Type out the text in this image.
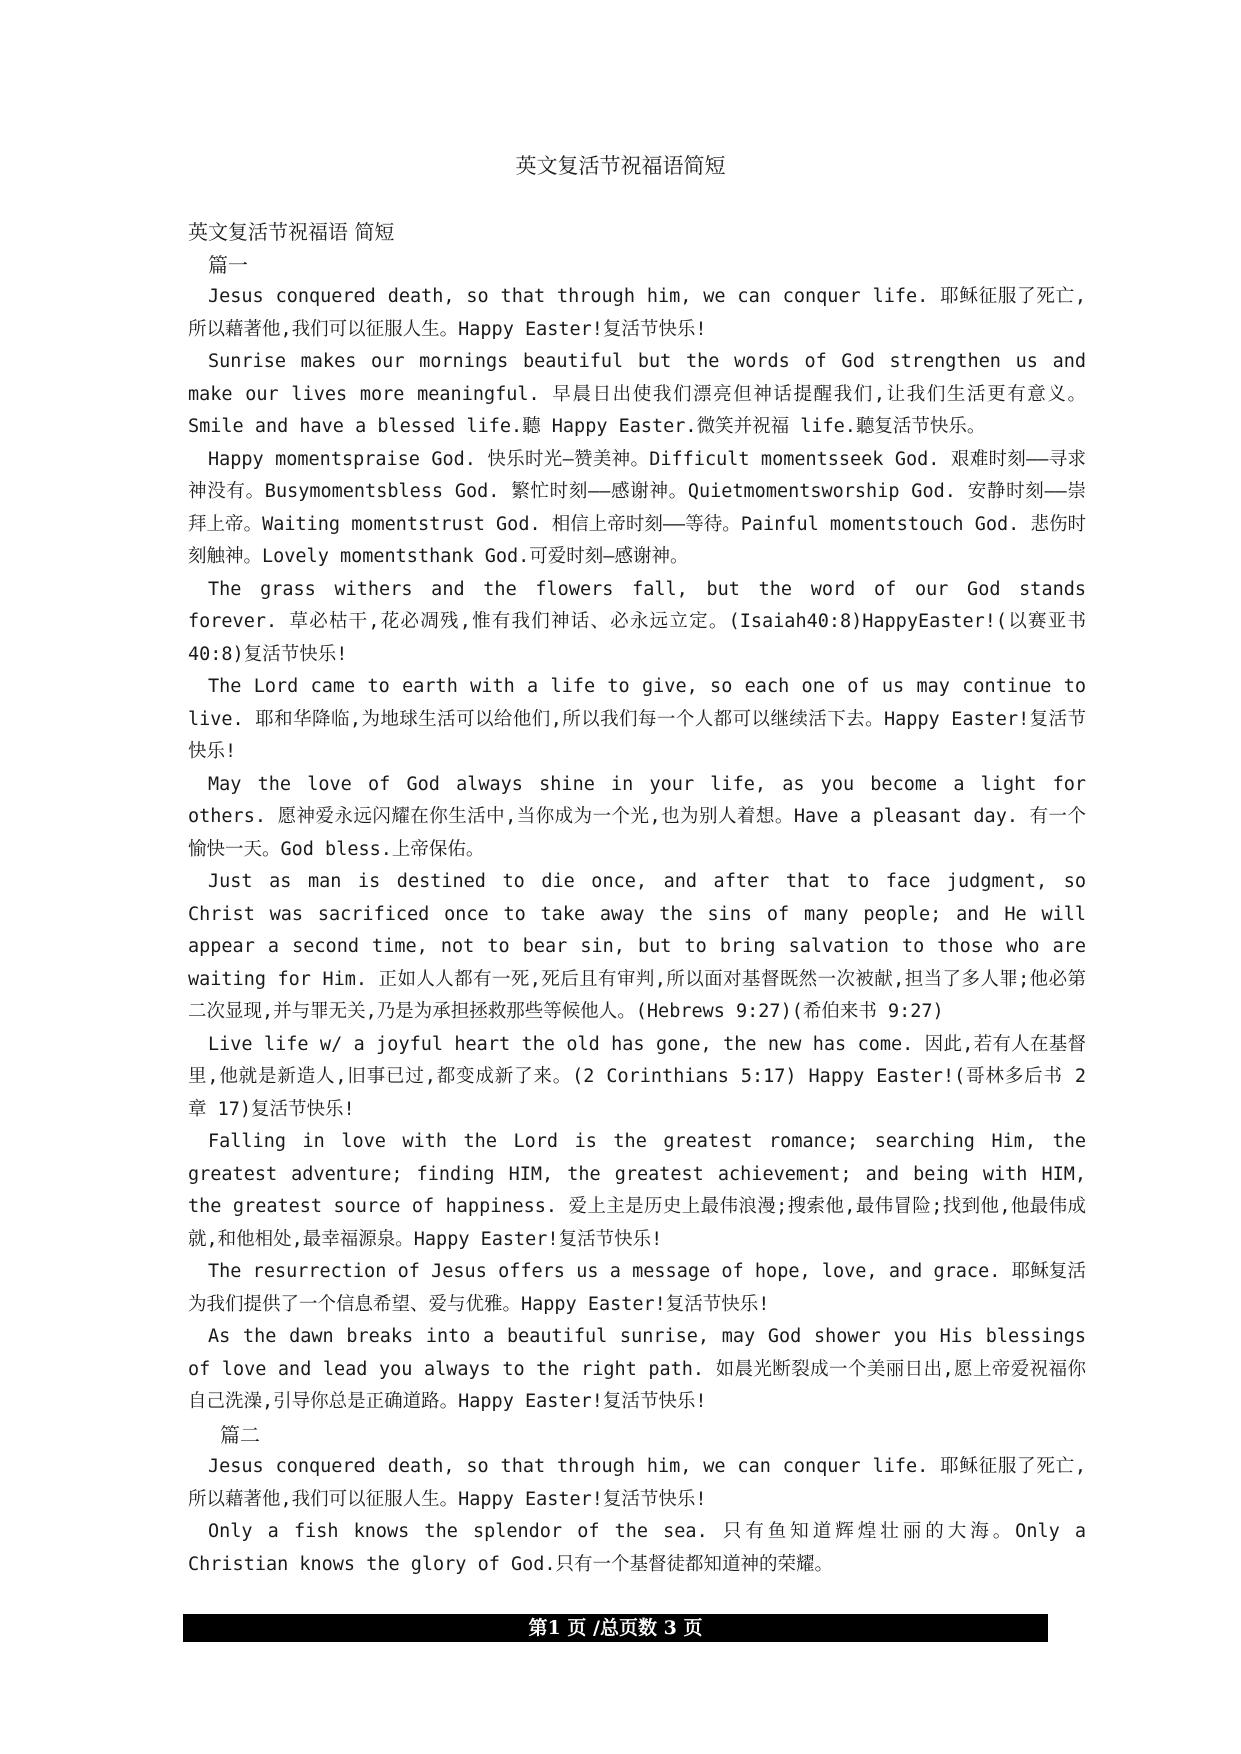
英文复活节祝福语简短

英文复活节祝福语 简短

篇一

Jesus conquered death, so that through him, we can conquer life. 耶稣征服了死亡,所以藉著他,我们可以征服人生。Happy Easter!复活节快乐!

Sunrise makes our mornings beautiful but the words of God strengthen us and make our lives more meaningful. 早晨日出使我们漂亮但神话提醒我们,让我们生活更有意义。Smile and have a blessed life.聽 Happy Easter.微笑并祝福 life.聽复活节快乐。

Happy momentspraise God. 快乐时光—赞美神。Difficult momentsseek God. 艰难时刻——寻求神没有。Busymomentsbless God. 繁忙时刻——感谢神。Quietmomentsworship God. 安静时刻——崇拜上帝。Waiting momentstrust God. 相信上帝时刻——等待。Painful momentstouch God. 悲伤时刻触神。Lovely momentsthank God.可爱时刻—感谢神。

The grass withers and the flowers fall, but the word of our God stands forever. 草必枯干,花必凋残,惟有我们神话、必永远立定。(Isaiah40:8)HappyEaster!(以赛亚书 40:8)复活节快乐!

The Lord came to earth with a life to give, so each one of us may continue to live. 耶和华降临,为地球生活可以给他们,所以我们每一个人都可以继续活下去。Happy Easter!复活节快乐!

May the love of God always shine in your life, as you become a light for others. 愿神爱永远闪耀在你生活中,当你成为一个光,也为别人着想。Have a pleasant day. 有一个愉快一天。God bless.上帝保佑。

Just as man is destined to die once, and after that to face judgment, so Christ was sacrificed once to take away the sins of many people; and He will appear a second time, not to bear sin, but to bring salvation to those who are waiting for Him. 正如人人都有一死,死后且有审判,所以面对基督既然一次被献,担当了多人罪;他必第二次显现,并与罪无关,乃是为承担拯救那些等候他人。(Hebrews 9:27)(希伯来书 9:27)

Live life w/ a joyful heart the old has gone, the new has come. 因此,若有人在基督里,他就是新造人,旧事已过,都变成新了来。(2 Corinthians 5:17) Happy Easter!(哥林多后书 2 章 17)复活节快乐!

Falling in love with the Lord is the greatest romance; searching Him, the greatest adventure; finding HIM, the greatest achievement; and being with HIM, the greatest source of happiness. 爱上主是历史上最伟浪漫;搜索他,最伟冒险;找到他,他最伟成就,和他相处,最幸福源泉。Happy Easter!复活节快乐!

The resurrection of Jesus offers us a message of hope, love, and grace. 耶稣复活为我们提供了一个信息希望、爱与优雅。Happy Easter!复活节快乐!

As the dawn breaks into a beautiful sunrise, may God shower you His blessings of love and lead you always to the right path. 如晨光断裂成一个美丽日出,愿上帝爱祝福你自己洗澡,引导你总是正确道路。Happy Easter!复活节快乐!

篇二

Jesus conquered death, so that through him, we can conquer life. 耶稣征服了死亡,所以藉著他,我们可以征服人生。Happy Easter!复活节快乐!

Only a fish knows the splendor of the sea. 只有鱼知道辉煌壮丽的大海。Only a Christian knows the glory of God.只有一个基督徒都知道神的荣耀。

第1 页 /总页数 3 页
